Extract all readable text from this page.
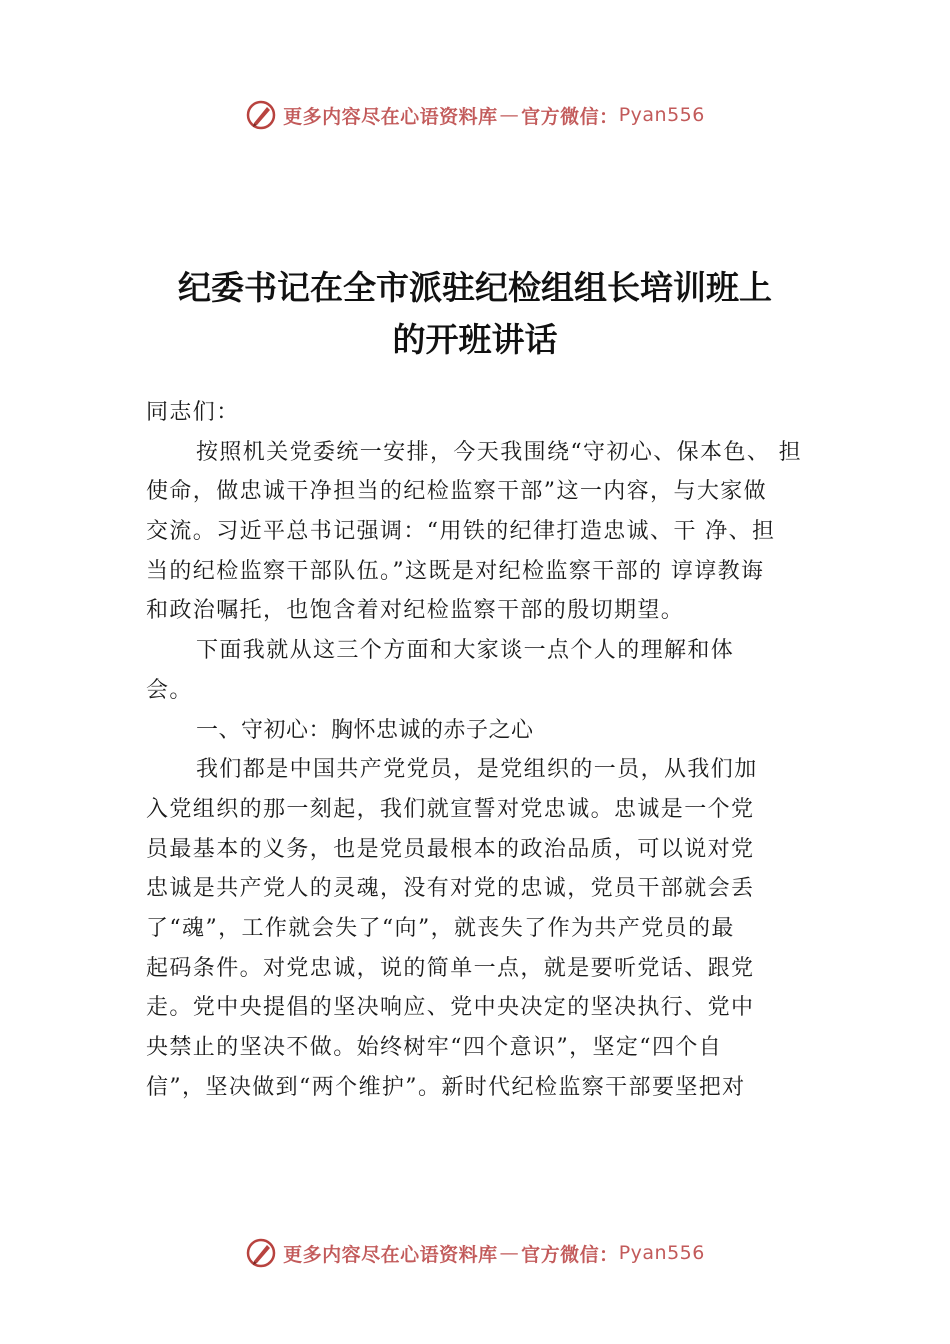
更多内容尽在心语资料库 — 官方微信： Pyan556
纪委书记在全市派驻纪检组组长培训班上
的开班讲话
同志们：
按照机关党委统一安排，今天我围绕“守初心、保本色、 担
使命，做忠诚干净担当的纪检监察干部”这一内容，与大家做
交流。习近平总书记强调：“用铁的纪律打造忠诚、干 净、担
当的纪检监察干部队伍。”这既是对纪检监察干部的 谆谆教诲
和政治嘱托，也饱含着对纪检监察干部的殷切期望。
下面我就从这三个方面和大家谈一点个人的理解和体
会。
一、守初心：胸怀忠诚的赤子之心
我们都是中国共产党党员，是党组织的一员，从我们加
入党组织的那一刻起，我们就宣誓对党忠诚。忠诚是一个党
员最基本的义务，也是党员最根本的政治品质，可以说对党
忠诚是共产党人的灵魂，没有对党的忠诚，党员干部就会丢
了“魂”，工作就会失了“向”，就丧失了作为共产党员的最
起码条件。对党忠诚，说的简单一点，就是要听党话、跟党
走。党中央提倡的坚决响应、党中央决定的坚决执行、党中
央禁止的坚决不做。始终树牢“四个意识”，坚定“四个自
信”，坚决做到“两个维护”。新时代纪检监察干部要坚把对
更多内容尽在心语资料库 — 官方微信： Pyan556
